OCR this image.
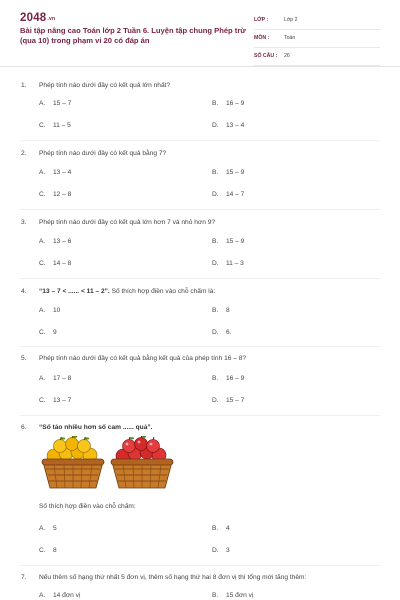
2048.vn
Bài tập nâng cao Toán lớp 2 Tuần 6. Luyện tập chung Phép trừ (qua 10) trong phạm vi 20 có đáp án
LỚP :	Lớp 2
MÔN :	Toán
SỐ CÂU : 26
1. Phép tính nào dưới đây có kết quả lớn nhất?
A. 15 – 7	B. 16 – 9
C. 11 – 5	D. 13 – 4
2. Phép tính nào dưới đây có kết quả bằng 7?
A. 13 – 4	B. 15 – 9
C. 12 – 8	D. 14 – 7
3. Phép tính nào dưới đây có kết quả lớn hơn 7 và nhỏ hơn 9?
A. 13 – 6	B. 15 – 9
C. 14 – 8	D. 11 – 3
4. “13 – 7 < ...... < 11 – 2”. Số thích hợp điền vào chỗ chấm là:
A. 10	B. 8
C. 9	D. 6.
5. Phép tính nào dưới đây có kết quả bằng kết quả của phép tính 16 – 8?
A. 17 – 8	B. 16 – 9
C. 13 – 7	D. 15 – 7
6. “Số táo nhiều hơn số cam ...... quả”.
Số thích hợp điền vào chỗ chấm:
A. 5	B. 4
C. 8	D. 3
7. Nếu thêm số hạng thứ nhất 5 đơn vị, thêm số hạng thứ hai 8 đơn vị thì tổng mới tăng thêm:
A. 14 đơn vị	B. 15 đơn vị
